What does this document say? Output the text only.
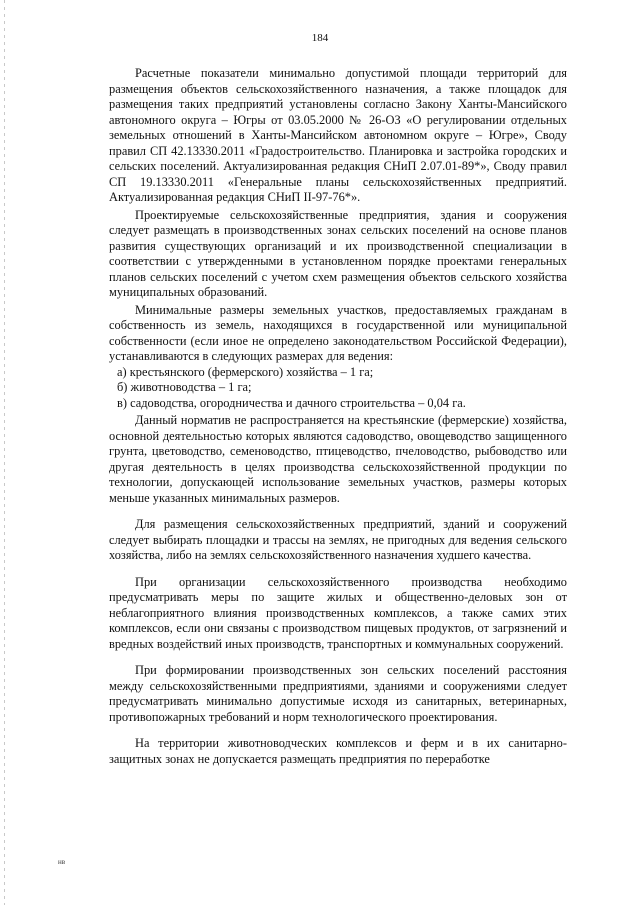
184

Расчетные показатели минимально допустимой площади территорий для размещения объектов сельскохозяйственного назначения, а также площадок для размещения таких предприятий установлены согласно Закону Ханты-Мансийского автономного округа – Югры от 03.05.2000 № 26-ОЗ «О регулировании отдельных земельных отношений в Ханты-Мансийском автономном округе – Югре», Своду правил СП 42.13330.2011 «Градостроительство. Планировка и застройка городских и сельских поселений. Актуализированная редакция СНиП 2.07.01-89*», Своду правил СП 19.13330.2011 «Генеральные планы сельскохозяйственных предприятий. Актуализированная редакция СНиП II-97-76*».

Проектируемые сельскохозяйственные предприятия, здания и сооружения следует размещать в производственных зонах сельских поселений на основе планов развития существующих организаций и их производственной специализации в соответствии с утвержденными в установленном порядке проектами генеральных планов сельских поселений с учетом схем размещения объектов сельского хозяйства муниципальных образований.

Минимальные размеры земельных участков, предоставляемых гражданам в собственность из земель, находящихся в государственной или муниципальной собственности (если иное не определено законодательством Российской Федерации), устанавливаются в следующих размерах для ведения:

а) крестьянского (фермерского) хозяйства – 1 га;

б) животноводства – 1 га;

в) садоводства, огородничества и дачного строительства – 0,04 га.

Данный норматив не распространяется на крестьянские (фермерские) хозяйства, основной деятельностью которых являются садоводство, овощеводство защищенного грунта, цветоводство, семеноводство, птицеводство, пчеловодство, рыбоводство или другая деятельность в целях производства сельскохозяйственной продукции по технологии, допускающей использование земельных участков, размеры которых меньше указанных минимальных размеров.

Для размещения сельскохозяйственных предприятий, зданий и сооружений следует выбирать площадки и трассы на землях, не пригодных для ведения сельского хозяйства, либо на землях сельскохозяйственного назначения худшего качества.

При организации сельскохозяйственного производства необходимо предусматривать меры по защите жилых и общественно-деловых зон от неблагоприятного влияния производственных комплексов, а также самих этих комплексов, если они связаны с производством пищевых продуктов, от загрязнений и вредных воздействий иных производств, транспортных и коммунальных сооружений.

При формировании производственных зон сельских поселений расстояния между сельскохозяйственными предприятиями, зданиями и сооружениями следует предусматривать минимально допустимые исходя из санитарных, ветеринарных, противопожарных требований и норм технологического проектирования.

На территории животноводческих комплексов и ферм и в их санитарно-защитных зонах не допускается размещать предприятия по переработке

нв
